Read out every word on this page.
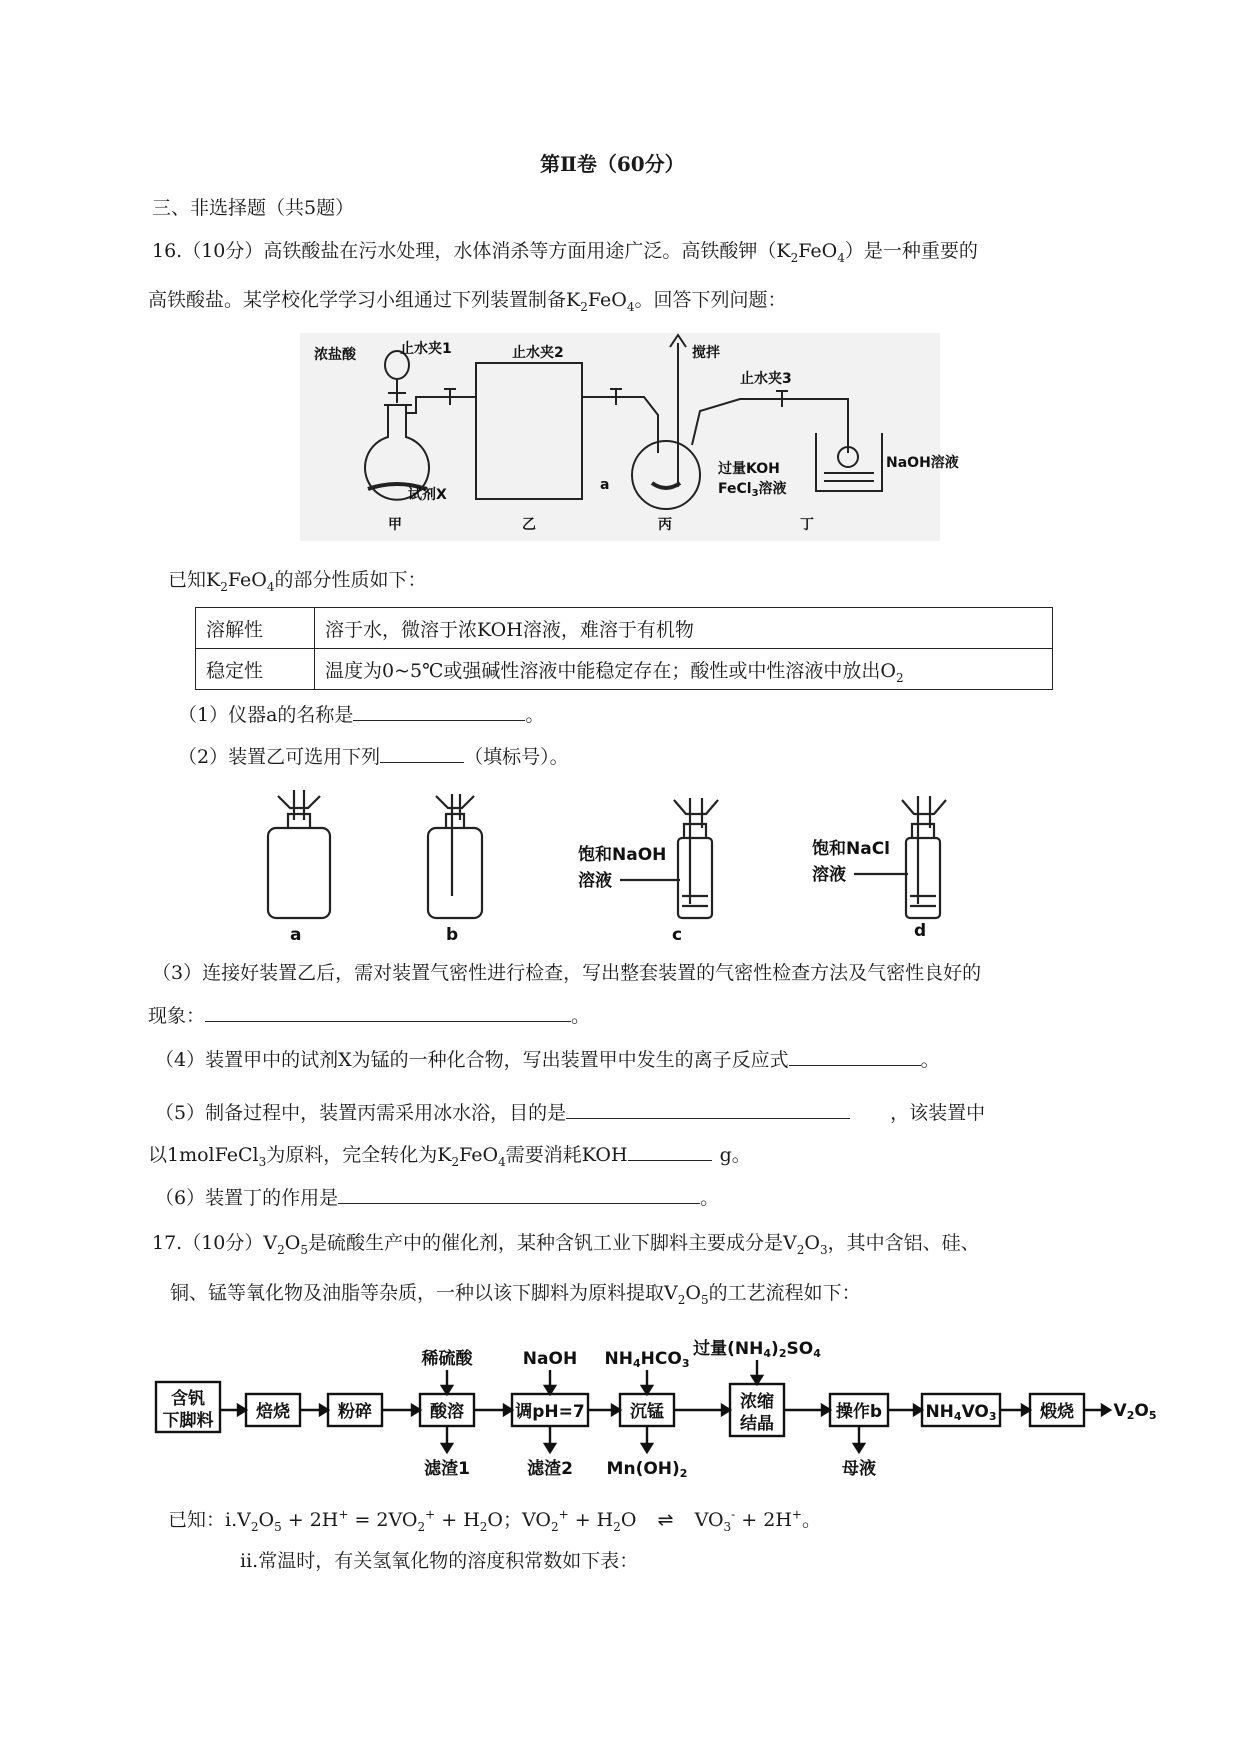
第Ⅱ卷（60分）
三、非选择题（共5题）
16.（10分）高铁酸盐在污水处理，水体消杀等方面用途广泛。高铁酸钾$(K_2FeO_4)$是一种重要的
高铁酸盐。某学校化学学习小组通过下列装置制备$K_2FeO_4$。回答下列问题：
浓盐酸	止水夹1	止水夹2	搅拌
止水夹3
试剂X
a
过量KOH
FeCl$_3$溶液
NaOH溶液
甲	乙	丙	丁
已知$K_2FeO_4$的部分性质如下：
溶解性	溶于水，微溶于浓KOH溶液，难溶于有机物
稳定性	温度为0~5℃或强碱性溶液中能稳定存在；酸性或中性溶液中放出$O_2$
（1）仪器a的名称是	。
（2）装置乙可选用下列	（填标号）。
a	b	c	d
饱和NaOH
溶液
饱和NaCl
溶液
（3）连接好装置乙后，需对装置气密性进行检查，写出整套装置的气密性检查方法及气密性良好的
现象：	。
（4）装置甲中的试剂X为锰的一种化合物，写出装置甲中发生的离子反应式	。
（5）制备过程中，装置丙需采用冰水浴，目的是	，该装置中
以1molFeCl$_3$为原料，完全转化为$K_2FeO_4$需要消耗KOH	g。
（6）装置丁的作用是	。
17.（10分）$V_2O_5$是硫酸生产中的催化剂，某种含钒工业下脚料主要成分是$V_2O_3$，其中含铝、硅、
铜、锰等氧化物及油脂等杂质，一种以该下脚料为原料提取$V_2O_5$的工艺流程如下：
含钒
下脚料	焙烧	粉碎	酸溶	调pH=7	沉锰	浓缩
结晶
操作b	NH4VO3	煅烧 V2O5
稀硫酸	NaOH NH4HCO3
过量(NH4)2SO4
滤渣1	滤渣2 Mn(OH)2	母液
已知：$ⅰ.V_2O_5 + 2H^+ = 2VO_2^+ + H_2O$；$VO_2^+ + H_2O$ ⇌ $VO_3^- + 2H^+$。
ⅱ.常温时，有关氢氧化物的溶度积常数如下表：
